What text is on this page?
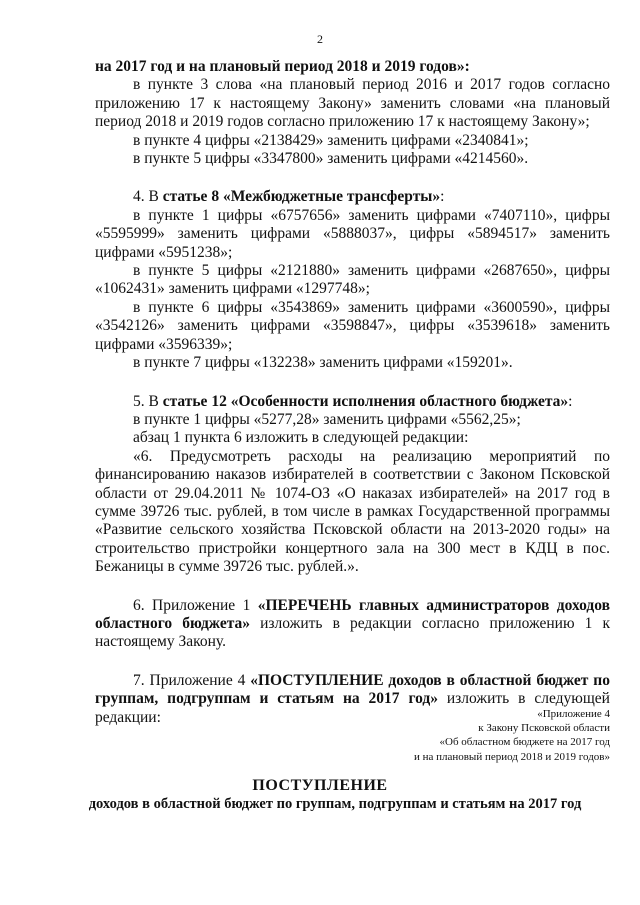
2

на 2017 год и на плановый период 2018 и 2019 годов»:

в пункте 3 слова «на плановый период 2016 и 2017 годов согласно приложению 17 к настоящему Закону» заменить словами «на плановый период 2018 и 2019 годов согласно приложению 17 к настоящему Закону»;

в пункте 4 цифры «2138429» заменить цифрами «2340841»;

в пункте 5 цифры «3347800» заменить цифрами «4214560».

4. В статье 8 «Межбюджетные трансферты»:

в пункте 1 цифры «6757656» заменить цифрами «7407110», цифры «5595999» заменить цифрами «5888037», цифры «5894517» заменить цифрами «5951238»;

в пункте 5 цифры «2121880» заменить цифрами «2687650», цифры «1062431» заменить цифрами «1297748»;

в пункте 6 цифры «3543869» заменить цифрами «3600590», цифры «3542126» заменить цифрами «3598847», цифры «3539618» заменить цифрами «3596339»;

в пункте 7 цифры «132238» заменить цифрами «159201».

5. В статье 12 «Особенности исполнения областного бюджета»:

в пункте 1 цифры «5277,28» заменить цифрами «5562,25»;

абзац 1 пункта 6 изложить в следующей редакции:

«6. Предусмотреть расходы на реализацию мероприятий по финансированию наказов избирателей в соответствии с Законом Псковской области от 29.04.2011 № 1074-ОЗ «О наказах избирателей» на 2017 год в сумме 39726 тыс. рублей, в том числе в рамках Государственной программы «Развитие сельского хозяйства Псковской области на 2013-2020 годы» на строительство пристройки концертного зала на 300 мест в КДЦ в пос. Бежаницы в сумме 39726 тыс. рублей.».

6. Приложение 1 «ПЕРЕЧЕНЬ главных администраторов доходов областного бюджета» изложить в редакции согласно приложению 1 к настоящему Закону.

7. Приложение 4 «ПОСТУПЛЕНИЕ доходов в областной бюджет по группам, подгруппам и статьям на 2017 год» изложить в следующей редакции:	«Приложение 4
к Закону Псковской области
«Об областном бюджете на 2017 год
и на плановый период 2018 и 2019 годов»
ПОСТУПЛЕНИЕ
доходов в областной бюджет по группам, подгруппам и статьям на 2017 год
